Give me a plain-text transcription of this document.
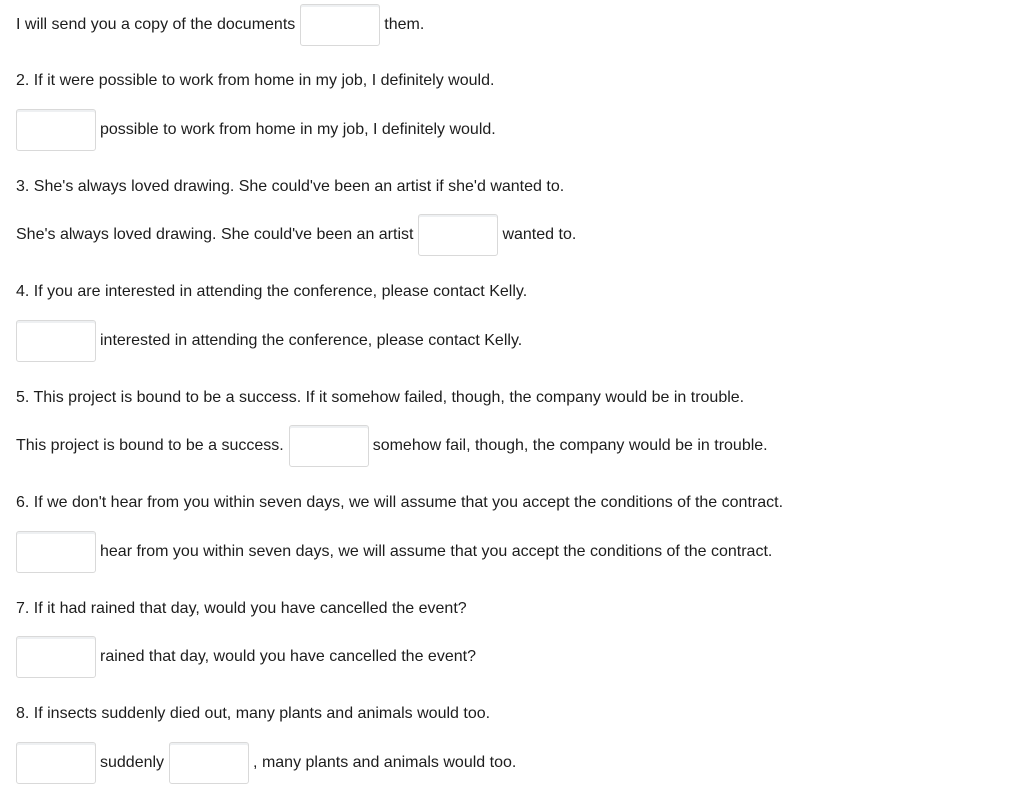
I will send you a copy of the documents	them.
2. If it were possible to work from home in my job, I definitely would.
possible to work from home in my job, I definitely would.
3. She's always loved drawing. She could've been an artist if she'd wanted to.
She's always loved drawing. She could've been an artist	wanted to.
4. If you are interested in attending the conference, please contact Kelly.
interested in attending the conference, please contact Kelly.
5. This project is bound to be a success. If it somehow failed, though, the company would be in trouble.
This project is bound to be a success.	somehow fail, though, the company would be in trouble.
6. If we don't hear from you within seven days, we will assume that you accept the conditions of the contract.
hear from you within seven days, we will assume that you accept the conditions of the contract.
7. If it had rained that day, would you have cancelled the event?
rained that day, would you have cancelled the event?
8. If insects suddenly died out, many plants and animals would too.
suddenly	, many plants and animals would too.
